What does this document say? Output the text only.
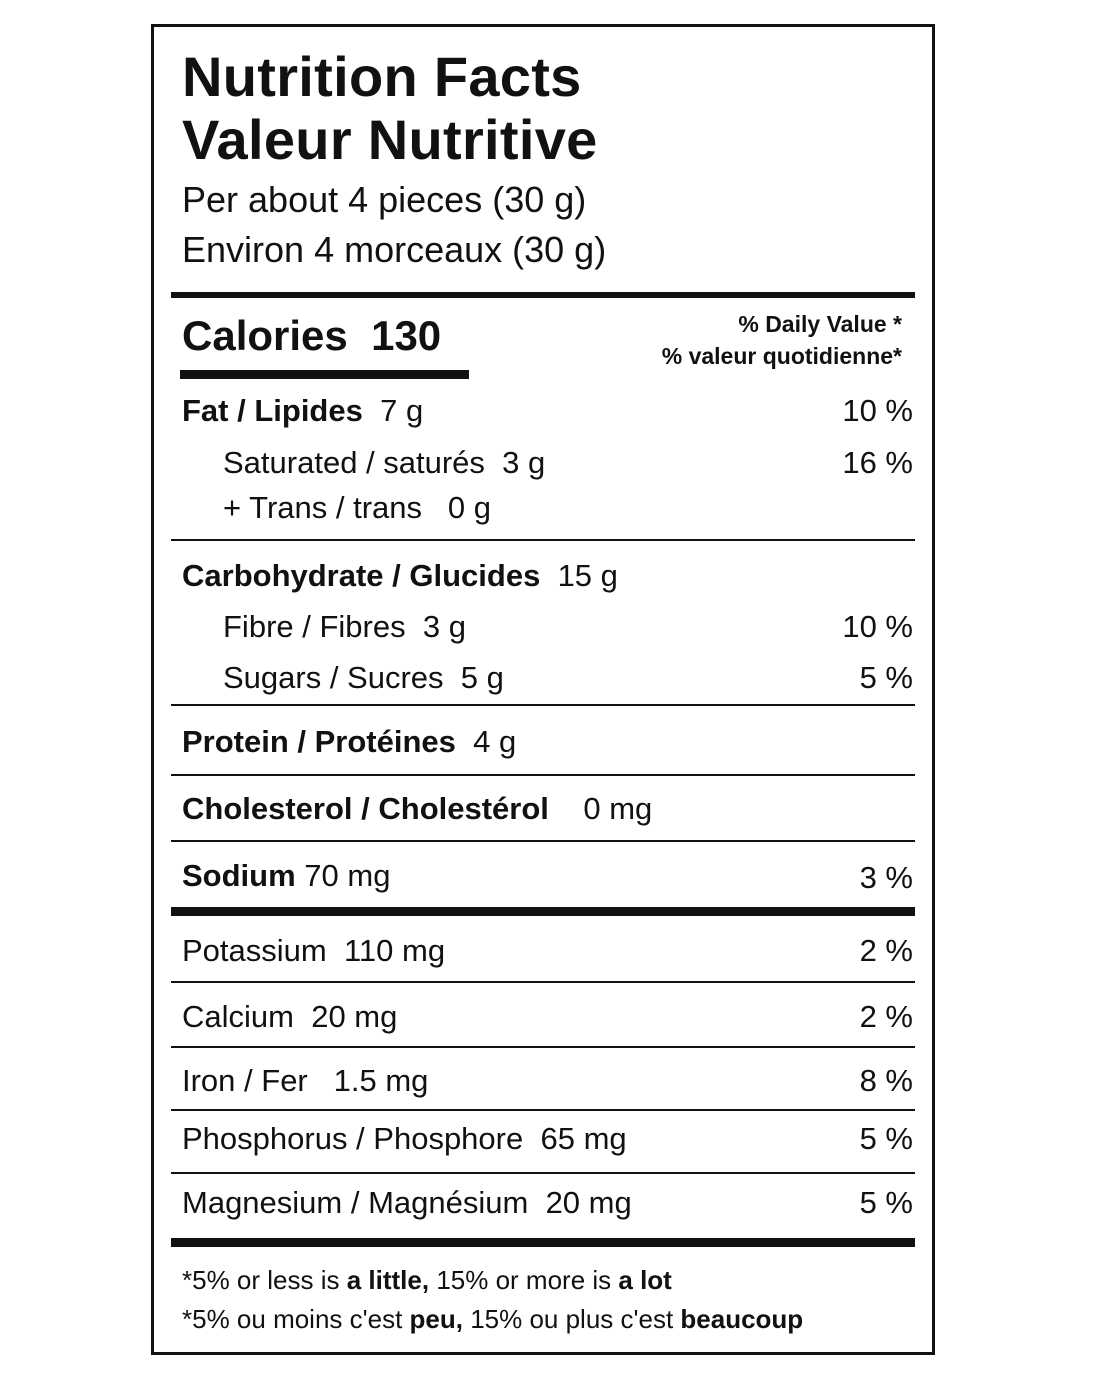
Nutrition Facts
Valeur Nutritive
Per about 4 pieces (30 g)
Environ 4 morceaux (30 g)
Calories 130	% Daily Value *
% valeur quotidienne*
Fat / Lipides 7 g	10 %
Saturated / saturés 3 g	16 %
+ Trans / trans 0 g
Carbohydrate / Glucides 15 g
Fibre / Fibres 3 g	10 %
Sugars / Sucres 5 g	5 %
Protein / Protéines 4 g
Cholesterol / Cholestérol 0 mg
Sodium 70 mg	3 %
Potassium 110 mg	2 %
Calcium 20 mg	2 %
Iron / Fer 1.5 mg	8 %
Phosphorus / Phosphore 65 mg	5 %
Magnesium / Magnésium 20 mg	5 %
*5% or less is a little, 15% or more is a lot
*5% ou moins c'est peu, 15% ou plus c'est beaucoup
